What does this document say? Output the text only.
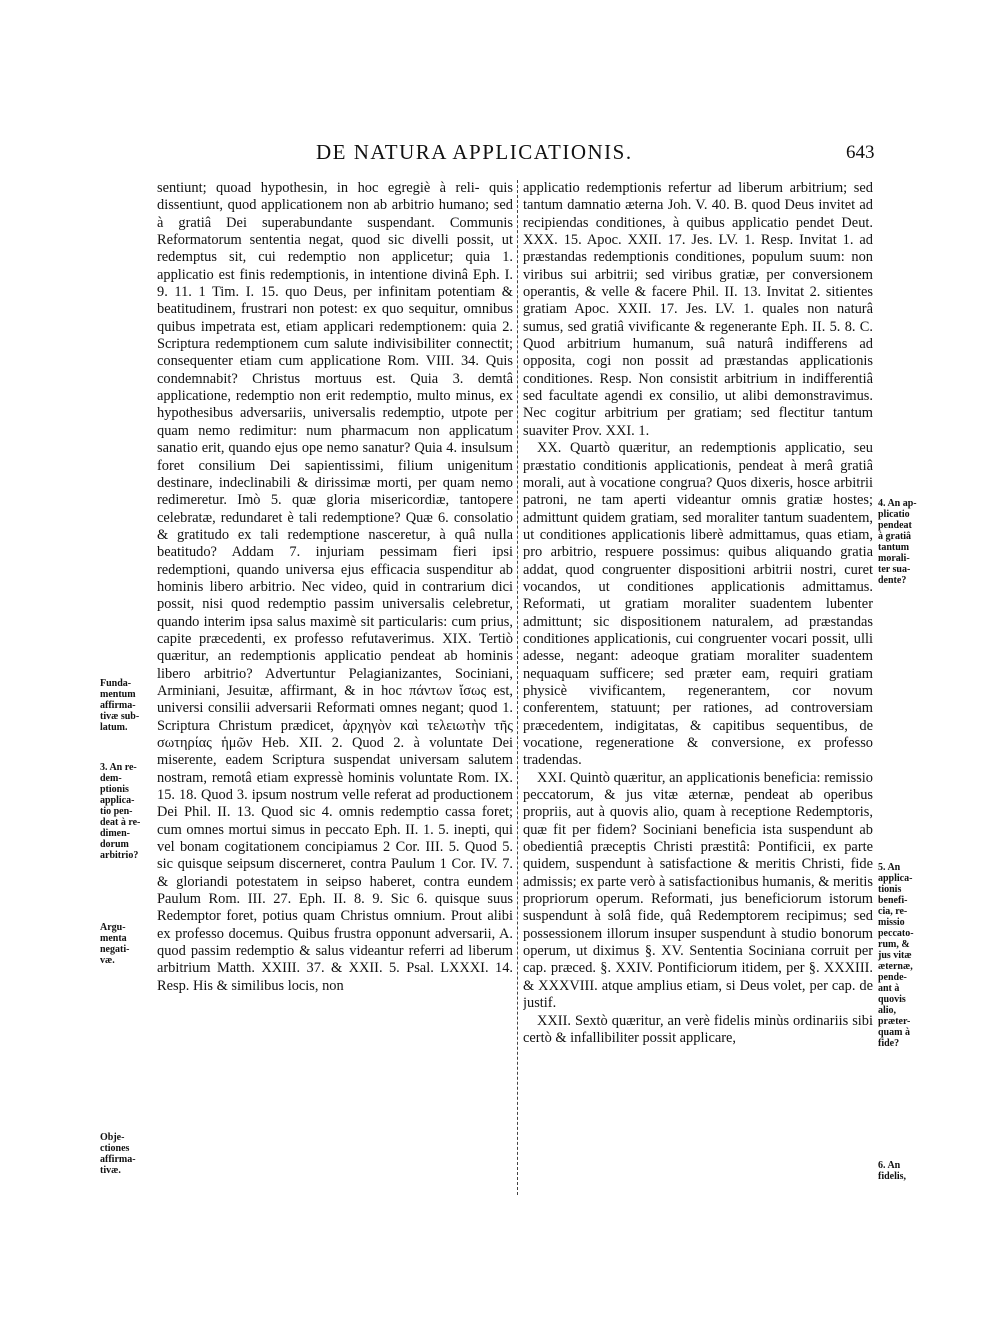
DE NATURA APPLICATIONIS.	643
sentiunt; quoad hypothesin, in hoc egregiè à reli- quis dissentiunt, quod applicationem non ab arbitrio humano; sed à gratiâ Dei superabundante suspendant. Communis Reformatorum sententia negat, quod sic divelli possit, ut redemptus sit, cui redemptio non applicetur; quia 1. applicatio est finis redemptionis, in intentione divinâ Eph. I. 9. 11. 1 Tim. I. 15. quo Deus, per infinitam potentiam & beatitudinem, frustrari non potest: ex quo sequitur, omnibus quibus impetrata est, etiam applicari redemptionem: quia 2. Scriptura redemptionem cum salute indivisibiliter connectit; consequenter etiam cum applicatione Rom. VIII. 34. Quis condemnabit? Christus mortuus est. Quia 3. demtâ applicatione, redemptio non erit redemptio, multo minus, ex hypothesibus adversariis, universalis redemptio, utpote per quam nemo redimitur: num pharmacum non applicatum sanatio erit, quando ejus ope nemo sanatur? Quia 4. insulsum foret consilium Dei sapientissimi, filium unigenitum destinare, indeclinabili & dirissimæ morti, per quam nemo redimeretur. Imò 5. quæ gloria misericordiæ, tantopere celebratæ, redundaret è tali redemptione? Quæ 6. consolatio & gratitudo ex tali redemptione nasceretur, à quâ nulla beatitudo? Addam 7. injuriam pessimam fieri ipsi redemptioni, quando universa ejus efficacia suspenditur ab hominis libero arbitrio. Nec video, quid in contrarium dici possit, nisi quod redemptio passim universalis celebretur, quando interim ipsa salus maximè sit particularis: cum prius, capite præcedenti, ex professo refutaverimus. XIX. Tertiò quæritur, an redemptionis applicatio pendeat ab hominis libero arbitrio? Advertuntur Pelagianizantes, Sociniani, Arminiani, Jesuitæ, affirmant, & in hoc πάντων ἴσως est, universi consilii adversarii Reformati omnes negant; quod 1. Scriptura Christum prædicet, ἀρχηγὸν καὶ τελειωτὴν τῆς σωτηρίας ἡμῶν Heb. XII. 2. Quod 2. à voluntate Dei miserente, eadem Scriptura suspendat universam salutem nostram, remotâ etiam expressè hominis voluntate Rom. IX. 15. 18. Quod 3. ipsum nostrum velle referat ad productionem Dei Phil. II. 13. Quod sic 4. omnis redemptio cassa foret; cum omnes mortui simus in peccato Eph. II. 1. 5. inepti, qui vel bonam cogitationem concipiamus 2 Cor. III. 5. Quod 5. sic quisque seipsum discerneret, contra Paulum 1 Cor. IV. 7. & gloriandi potestatem in seipso haberet, contra eundem Paulum Rom. III. 27. Eph. II. 8. 9. Sic 6. quisque suus Redemptor foret, potius quam Christus omnium. Prout alibi ex professo docemus. Quibus frustra opponunt adversarii, A. quod passim redemptio & salus videantur referri ad liberum arbitrium Matth. XXIII. 37. & XXII. 5. Psal. LXXXI. 14. Resp. His & similibus locis, non
applicatio redemptionis refertur ad liberum arbitrium; sed tantum damnatio æterna Joh. V. 40. B. quod Deus invitet ad recipiendas conditiones, à quibus applicatio pendet Deut. XXX. 15. Apoc. XXII. 17. Jes. LV. 1. Resp. Invitat 1. ad præstandas redemptionis conditiones, populum suum: non viribus sui arbitrii; sed viribus gratiæ, per conversionem operantis, & velle & facere Phil. II. 13. Invitat 2. sitientes gratiam Apoc. XXII. 17. Jes. LV. 1. quales non naturâ sumus, sed gratiâ vivificante & regenerante Eph. II. 5. 8. C. Quod arbitrium humanum, suâ naturâ indifferens ad opposita, cogi non possit ad præstandas applicationis conditiones. Resp. Non consistit arbitrium in indifferentiâ sed facultate agendi ex consilio, ut alibi demonstravimus. Nec cogitur arbitrium per gratiam; sed flectitur tantum suaviter Prov. XXI. 1.
XX. Quartò quæritur, an redemptionis applicatio, seu præstatio conditionis applicationis, pendeat à merâ gratiâ morali, aut à vocatione congrua? Quos dixeris, hosce arbitrii patroni, ne tam aperti videantur omnis gratiæ hostes; admittunt quidem gratiam, sed moraliter tantum suadentem, ut conditiones applicationis liberè admittamus, quas etiam, pro arbitrio, respuere possimus: quibus aliquando gratia addat, quod congruenter dispositioni arbitrii nostri, curet vocandos, ut conditiones applicationis admittamus. Reformati, ut gratiam moraliter suadentem lubenter admittunt; sic dispositionem naturalem, ad præstandas conditiones applicationis, cui congruenter vocari possit, ulli adesse, negant: adeoque gratiam moraliter suadentem nequaquam sufficere; sed præter eam, requiri gratiam physicè vivificantem, regenerantem, cor novum conferentem, statuunt; per rationes, ad controversiam præcedentem, indigitatas, & capitibus sequentibus, de vocatione, regeneratione & conversione, ex professo tradendas.
XXI. Quintò quæritur, an applicationis beneficia: remissio peccatorum, & jus vitæ æternæ, pendeat ab operibus propriis, aut à quovis alio, quam à receptione Redemptoris, quæ fit per fidem? Sociniani beneficia ista suspendunt ab obedientiâ præceptis Christi præstitâ: Pontificii, ex parte quidem, suspendunt à satisfactione & meritis Christi, fide admissis; ex parte verò à satisfactionibus humanis, & meritis propriorum operum. Reformati, jus beneficiorum istorum suspendunt à solâ fide, quâ Redemptorem recipimus; sed possessionem illorum insuper suspendunt à studio bonorum operum, ut diximus §. XV. Sententia Sociniana corruit per cap. præced. §. XXIV. Pontificiorum itidem, per §. XXXIII. & XXXVIII. atque amplius etiam, si Deus volet, per cap. de justif.
XXII. Sextò quæritur, an verè fidelis minùs ordinariis sibi certò & infallibiliter possit applicare,
Funda-
mentum
affirma-
tivæ sub-
latum.
3. An re-
dem-
ptionis
applica-
tio pen-
deat à re-
dimen-
dorum
arbitrio?
Argu-
menta
negati-
væ.
Obje-
ctiones
affirma-
tivæ.
4. An ap-
plicatio
pendeat
à gratiâ
tantum
morali-
ter sua-
dente?
5. An
applica-
tionis
benefi-
cia, re-
missio
peccato-
rum, &
jus vitæ
æternæ,
pende-
ant à
quovis
alio,
præter-
quam à
fide?
6. An
fidelis,
